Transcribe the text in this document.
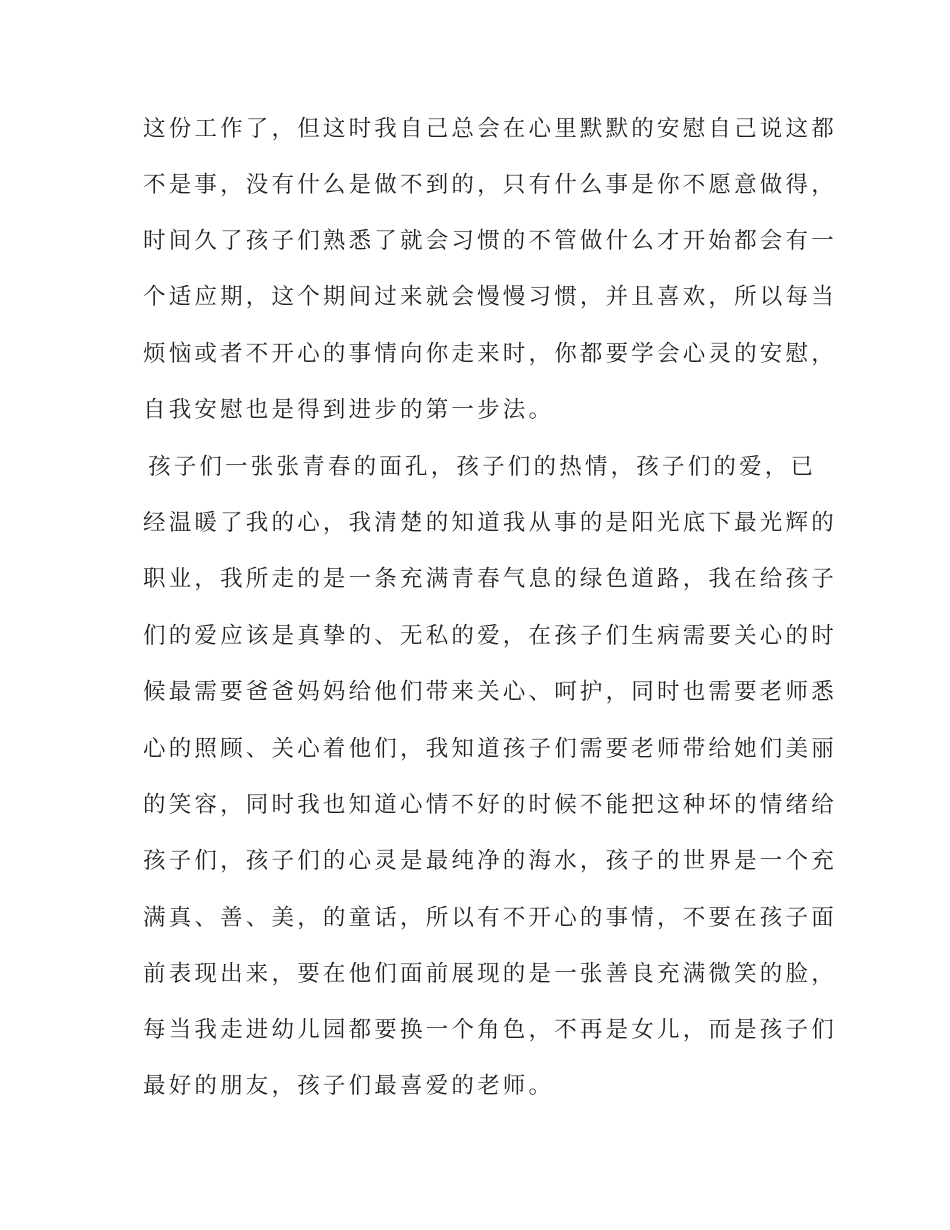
这份工作了，但这时我自己总会在心里默默的安慰自己说这都
不是事，没有什么是做不到的，只有什么事是你不愿意做得，
时间久了孩子们熟悉了就会习惯的不管做什么才开始都会有一
个适应期，这个期间过来就会慢慢习惯，并且喜欢，所以每当
烦恼或者不开心的事情向你走来时，你都要学会心灵的安慰，
自我安慰也是得到进步的第一步法。
孩子们一张张青春的面孔，孩子们的热情，孩子们的爱，已
经温暖了我的心，我清楚的知道我从事的是阳光底下最光辉的
职业，我所走的是一条充满青春气息的绿色道路，我在给孩子
们的爱应该是真挚的、无私的爱，在孩子们生病需要关心的时
候最需要爸爸妈妈给他们带来关心、呵护，同时也需要老师悉
心的照顾、关心着他们，我知道孩子们需要老师带给她们美丽
的笑容，同时我也知道心情不好的时候不能把这种坏的情绪给
孩子们，孩子们的心灵是最纯净的海水，孩子的世界是一个充
满真、善、美，的童话，所以有不开心的事情，不要在孩子面
前表现出来，要在他们面前展现的是一张善良充满微笑的脸，
每当我走进幼儿园都要换一个角色，不再是女儿，而是孩子们
最好的朋友，孩子们最喜爱的老师。
